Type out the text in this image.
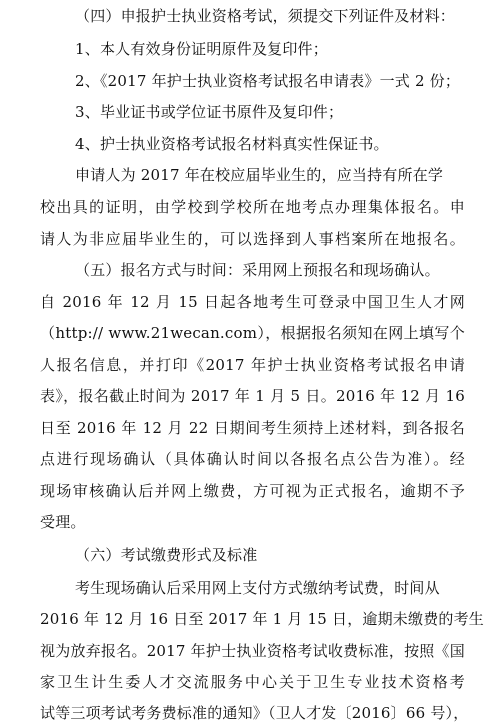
（四）申报护士执业资格考试，须提交下列证件及材料：
1、本人有效身份证明原件及复印件；
2、《2017 年护士执业资格考试报名申请表》一式 2 份；
3、毕业证书或学位证书原件及复印件；
4、护士执业资格考试报名材料真实性保证书。
申请人为 2017 年在校应届毕业生的，应当持有所在学
校出具的证明，由学校到学校所在地考点办理集体报名。申
请人为非应届毕业生的，可以选择到人事档案所在地报名。
（五）报名方式与时间：采用网上预报名和现场确认。
自 2016 年 12 月 15 日起各地考生可登录中国卫生人才网
（http:// www.21wecan.com），根据报名须知在网上填写个
人报名信息，并打印《2017 年护士执业资格考试报名申请
表》，报名截止时间为 2017 年 1 月 5 日。2016 年 12 月 16
日至 2016 年 12 月 22 日期间考生须持上述材料，到各报名
点进行现场确认（具体确认时间以各报名点公告为准）。经
现场审核确认后并网上缴费，方可视为正式报名，逾期不予
受理。
（六）考试缴费形式及标准
考生现场确认后采用网上支付方式缴纳考试费，时间从
2016 年 12 月 16 日至 2017 年 1 月 15 日，逾期未缴费的考生
视为放弃报名。2017 年护士执业资格考试收费标准，按照《国
家卫生计生委人才交流服务中心关于卫生专业技术资格考
试等三项考试考务费标准的通知》（卫人才发〔2016〕66 号），
